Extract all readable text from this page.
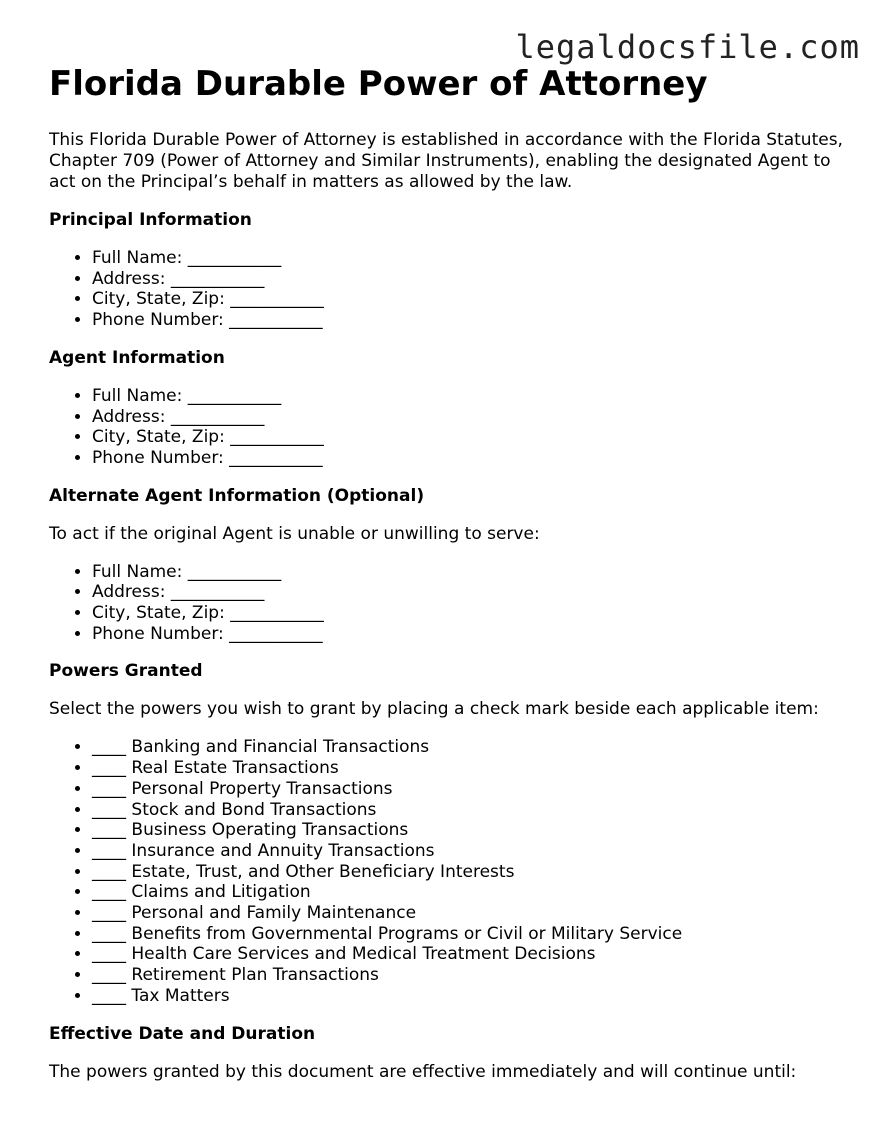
legaldocsfile.com
Florida Durable Power of Attorney

This Florida Durable Power of Attorney is established in accordance with the Florida Statutes, Chapter 709 (Power of Attorney and Similar Instruments), enabling the designated Agent to act on the Principal’s behalf in matters as allowed by the law.

Principal Information
• Full Name: ___________
• Address: ___________
• City, State, Zip: ___________
• Phone Number: ___________
Agent Information
• Full Name: ___________
• Address: ___________
• City, State, Zip: ___________
• Phone Number: ___________
Alternate Agent Information (Optional)

To act if the original Agent is unable or unwilling to serve:

• Full Name: ___________
• Address: ___________
• City, State, Zip: ___________
• Phone Number: ___________
Powers Granted

Select the powers you wish to grant by placing a check mark beside each applicable item:

• ____ Banking and Financial Transactions
• ____ Real Estate Transactions
• ____ Personal Property Transactions
• ____ Stock and Bond Transactions
• ____ Business Operating Transactions
• ____ Insurance and Annuity Transactions
• ____ Estate, Trust, and Other Beneficiary Interests
• ____ Claims and Litigation
• ____ Personal and Family Maintenance
• ____ Benefits from Governmental Programs or Civil or Military Service
• ____ Health Care Services and Medical Treatment Decisions
• ____ Retirement Plan Transactions
• ____ Tax Matters
Effective Date and Duration

The powers granted by this document are effective immediately and will continue until:
